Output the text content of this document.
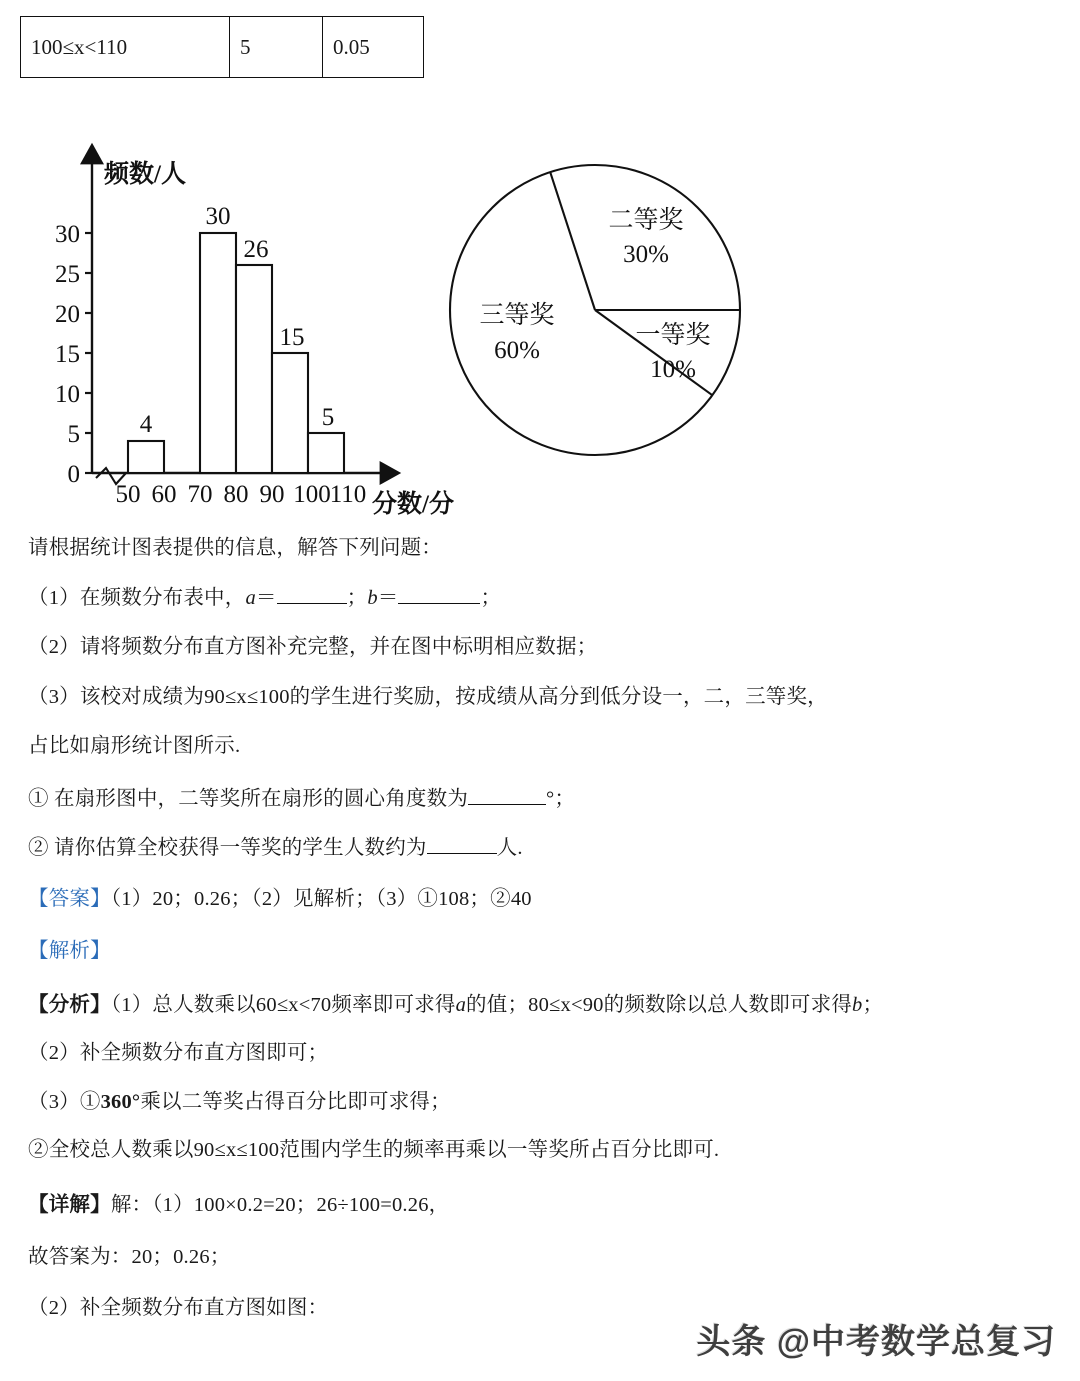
100≤x<110	5	0.05
0
5
10
15
20
25
30
频数/人
4
30
26
15
5
50 60 70 80 90 100
110 分数/分
二等奖
30%
一等奖
10%
三等奖
60%

请根据统计图表提供的信息，解答下列问题：

（1）在频数分布表中，a＝	；b＝	；

（2）请将频数分布直方图补充完整，并在图中标明相应数据；

（3）该校对成绩为90≤x≤100的学生进行奖励，按成绩从高分到低分设一，二，三等奖，

占比如扇形统计图所示.

① 在扇形图中，二等奖所在扇形的圆心角度数为	°；

② 请你估算全校获得一等奖的学生人数约为	人.

【答案】（1）20；0.26；（2）见解析；（3）①108；②40

【解析】

【分析】（1）总人数乘以60≤x<70频率即可求得a的值；80≤x<90的频数除以总人数即可求得b；

（2）补全频数分布直方图即可；

（3）①360°乘以二等奖占得百分比即可求得；

②全校总人数乘以90≤x≤100范围内学生的频率再乘以一等奖所占百分比即可.

【详解】解：（1）100×0.2=20；26÷100=0.26，

故答案为：20；0.26；

（2）补全频数分布直方图如图：

头条 @中考数学总复习
